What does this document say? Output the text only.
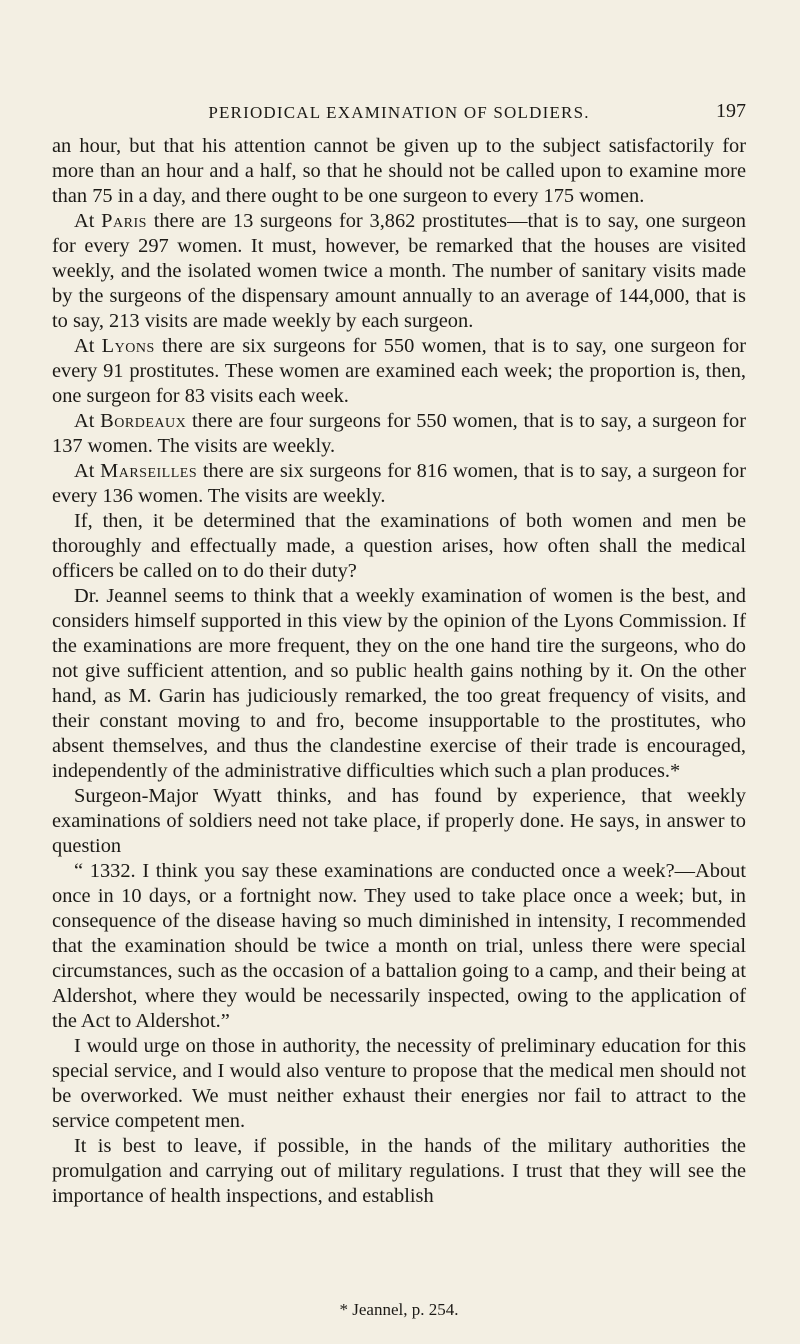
PERIODICAL EXAMINATION OF SOLDIERS.	197

an hour, but that his attention cannot be given up to the subject satisfactorily for more than an hour and a half, so that he should not be called upon to examine more than 75 in a day, and there ought to be one surgeon to every 175 women.

At Paris there are 13 surgeons for 3,862 prostitutes—that is to say, one surgeon for every 297 women. It must, however, be remarked that the houses are visited weekly, and the isolated women twice a month. The number of sanitary visits made by the surgeons of the dispensary amount annually to an average of 144,000, that is to say, 213 visits are made weekly by each surgeon.

At Lyons there are six surgeons for 550 women, that is to say, one surgeon for every 91 prostitutes. These women are examined each week; the proportion is, then, one surgeon for 83 visits each week.

At Bordeaux there are four surgeons for 550 women, that is to say, a surgeon for 137 women. The visits are weekly.

At Marseilles there are six surgeons for 816 women, that is to say, a surgeon for every 136 women. The visits are weekly.

If, then, it be determined that the examinations of both women and men be thoroughly and effectually made, a question arises, how often shall the medical officers be called on to do their duty?

Dr. Jeannel seems to think that a weekly examination of women is the best, and considers himself supported in this view by the opinion of the Lyons Commission. If the examinations are more frequent, they on the one hand tire the surgeons, who do not give sufficient attention, and so public health gains nothing by it. On the other hand, as M. Garin has judiciously remarked, the too great frequency of visits, and their constant moving to and fro, become insupportable to the prostitutes, who absent themselves, and thus the clandestine exercise of their trade is encouraged, independently of the administrative difficulties which such a plan produces.*

Surgeon-Major Wyatt thinks, and has found by experience, that weekly examinations of soldiers need not take place, if properly done. He says, in answer to question

“ 1332. I think you say these examinations are conducted once a week?—About once in 10 days, or a fortnight now. They used to take place once a week; but, in consequence of the disease having so much diminished in intensity, I recommended that the examination should be twice a month on trial, unless there were special circumstances, such as the occasion of a battalion going to a camp, and their being at Aldershot, where they would be necessarily inspected, owing to the application of the Act to Aldershot.”

I would urge on those in authority, the necessity of preliminary education for this special service, and I would also venture to propose that the medical men should not be overworked. We must neither exhaust their energies nor fail to attract to the service competent men.

It is best to leave, if possible, in the hands of the military authorities the promulgation and carrying out of military regulations. I trust that they will see the importance of health inspections, and establish

* Jeannel, p. 254.
